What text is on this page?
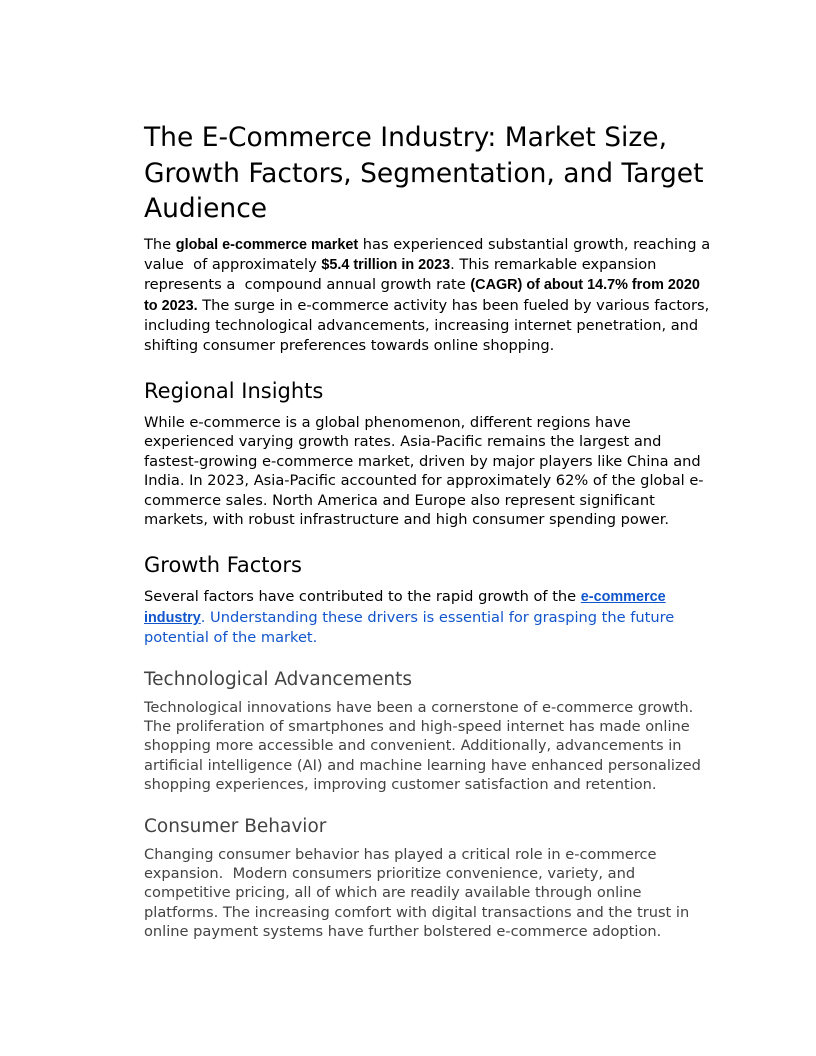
The E-Commerce Industry: Market Size, Growth Factors, Segmentation, and Target Audience

The global e-commerce market has experienced substantial growth, reaching a value  of approximately $5.4 trillion in 2023. This remarkable expansion represents a  compound annual growth rate (CAGR) of about 14.7% from 2020 to 2023. The surge in e-commerce activity has been fueled by various factors, including technological advancements, increasing internet penetration, and shifting consumer preferences towards online shopping.

Regional Insights

While e-commerce is a global phenomenon, different regions have experienced varying growth rates. Asia-Pacific remains the largest and fastest-growing e-commerce market, driven by major players like China and India. In 2023, Asia-Pacific accounted for approximately 62% of the global e-commerce sales. North America and Europe also represent significant markets, with robust infrastructure and high consumer spending power.

Growth Factors

Several factors have contributed to the rapid growth of the e-commerce industry. Understanding these drivers is essential for grasping the future potential of the market.

Technological Advancements

Technological innovations have been a cornerstone of e-commerce growth. The proliferation of smartphones and high-speed internet has made online shopping more accessible and convenient. Additionally, advancements in artificial intelligence (AI) and machine learning have enhanced personalized shopping experiences, improving customer satisfaction and retention.

Consumer Behavior

Changing consumer behavior has played a critical role in e-commerce expansion.  Modern consumers prioritize convenience, variety, and competitive pricing, all of which are readily available through online platforms. The increasing comfort with digital transactions and the trust in online payment systems have further bolstered e-commerce adoption.
